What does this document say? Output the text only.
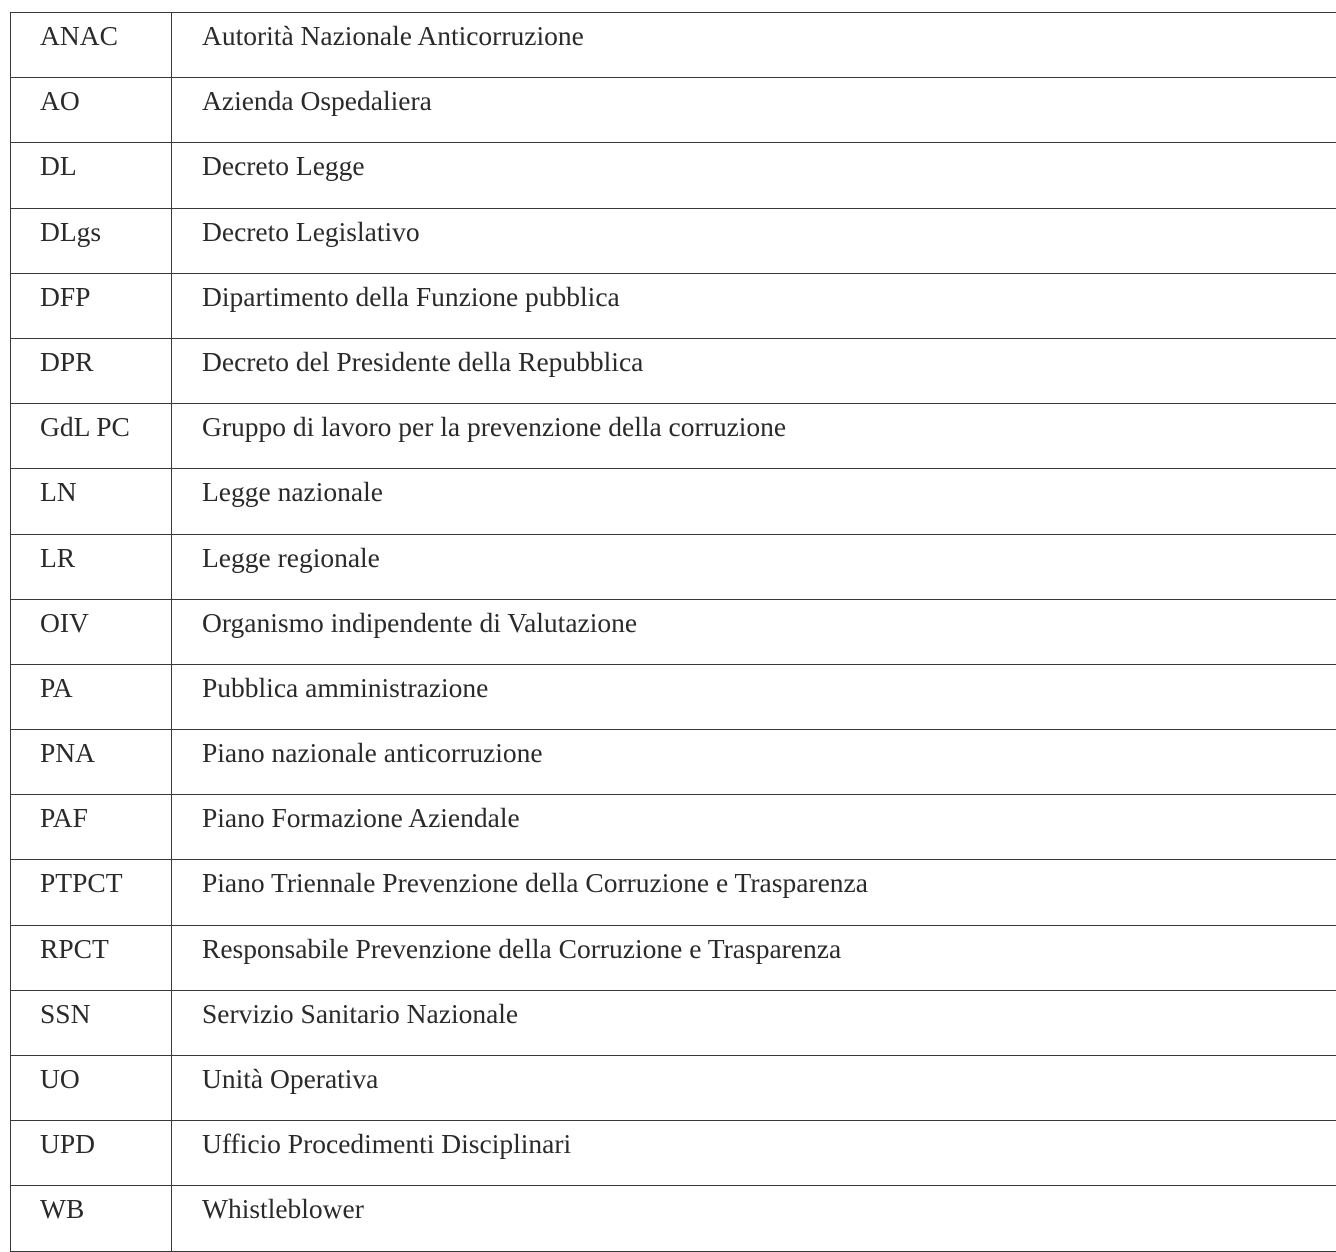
ANAC	Autorità Nazionale Anticorruzione
AO	Azienda Ospedaliera
DL	Decreto Legge
DLgs	Decreto Legislativo
DFP	Dipartimento della Funzione pubblica
DPR	Decreto del Presidente della Repubblica
GdL PC	Gruppo di lavoro per la prevenzione della corruzione
LN	Legge nazionale
LR	Legge regionale
OIV	Organismo indipendente di Valutazione
PA	Pubblica amministrazione
PNA	Piano nazionale anticorruzione
PAF	Piano Formazione Aziendale
PTPCT	Piano Triennale Prevenzione della Corruzione e Trasparenza
RPCT	Responsabile Prevenzione della Corruzione e Trasparenza
SSN	Servizio Sanitario Nazionale
UO	Unità Operativa
UPD	Ufficio Procedimenti Disciplinari
WB	Whistleblower
